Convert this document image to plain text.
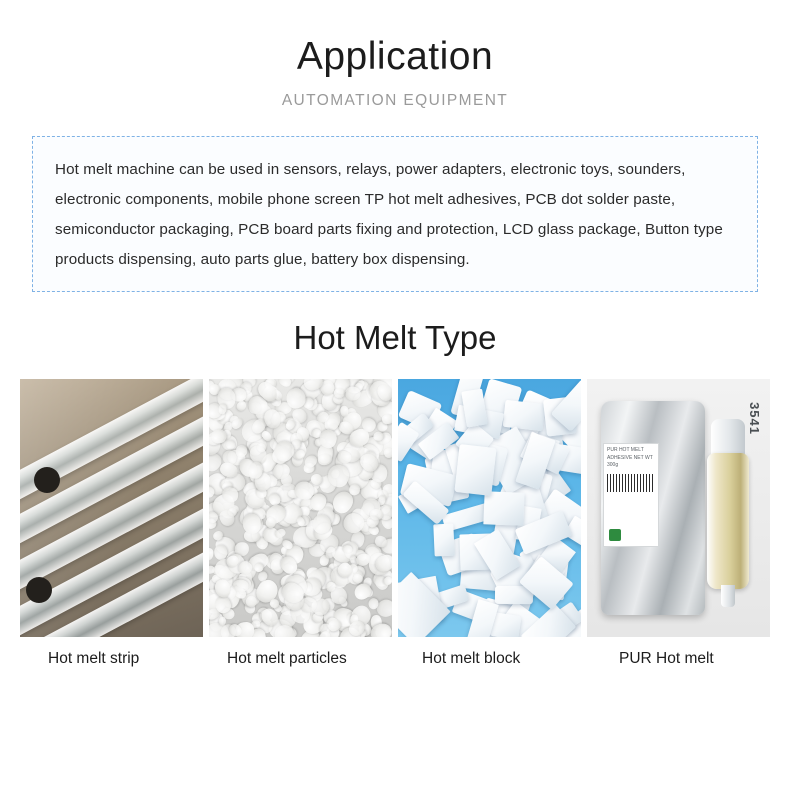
Application
AUTOMATION EQUIPMENT
Hot melt machine can be used in sensors, relays, power adapters, electronic toys, sounders, electronic components, mobile phone screen TP hot melt adhesives, PCB dot solder paste, semiconductor packaging, PCB board parts fixing and protection, LCD glass package, Button type products dispensing, auto parts glue, battery box dispensing.
Hot Melt Type
Hot melt strip	Hot melt particles	Hot melt block
PUR HOT MELT ADHESIVE NET WT 300g
3541
PUR Hot melt
